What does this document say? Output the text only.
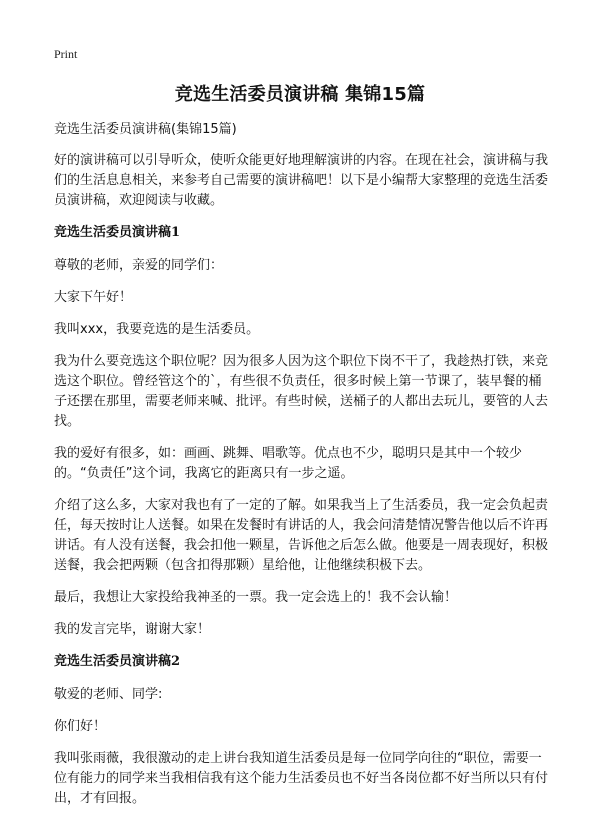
Print
竞选生活委员演讲稿 集锦15篇

竞选生活委员演讲稿(集锦15篇)

好的演讲稿可以引导听众，使听众能更好地理解演讲的内容。在现在社会，演讲稿与我们的生活息息相关，来参考自己需要的演讲稿吧！以下是小编帮大家整理的竞选生活委员演讲稿，欢迎阅读与收藏。

竞选生活委员演讲稿1

尊敬的老师，亲爱的同学们：

大家下午好！

我叫xxx，我要竞选的是生活委员。

我为什么要竞选这个职位呢？因为很多人因为这个职位下岗不干了，我趁热打铁，来竞选这个职位。曾经管这个的`，有些很不负责任，很多时候上第一节课了，装早餐的桶子还摆在那里，需要老师来喊、批评。有些时候，送桶子的人都出去玩儿，要管的人去找。

我的爱好有很多，如：画画、跳舞、唱歌等。优点也不少，聪明只是其中一个较少的。“负责任”这个词，我离它的距离只有一步之遥。

介绍了这么多，大家对我也有了一定的了解。如果我当上了生活委员，我一定会负起责任，每天按时让人送餐。如果在发餐时有讲话的人，我会问清楚情况警告他以后不许再讲话。有人没有送餐，我会扣他一颗星，告诉他之后怎么做。他要是一周表现好，积极送餐，我会把两颗（包含扣得那颗）星给他，让他继续积极下去。

最后，我想让大家投给我神圣的一票。我一定会选上的！我不会认输！

我的发言完毕，谢谢大家！

竞选生活委员演讲稿2

敬爱的老师、同学:

你们好！

我叫张雨薇，我很激动的走上讲台我知道生活委员是每一位同学向往的“职位，需要一位有能力的同学来当我相信我有这个能力生活委员也不好当各岗位都不好当所以只有付出，才有回报。
